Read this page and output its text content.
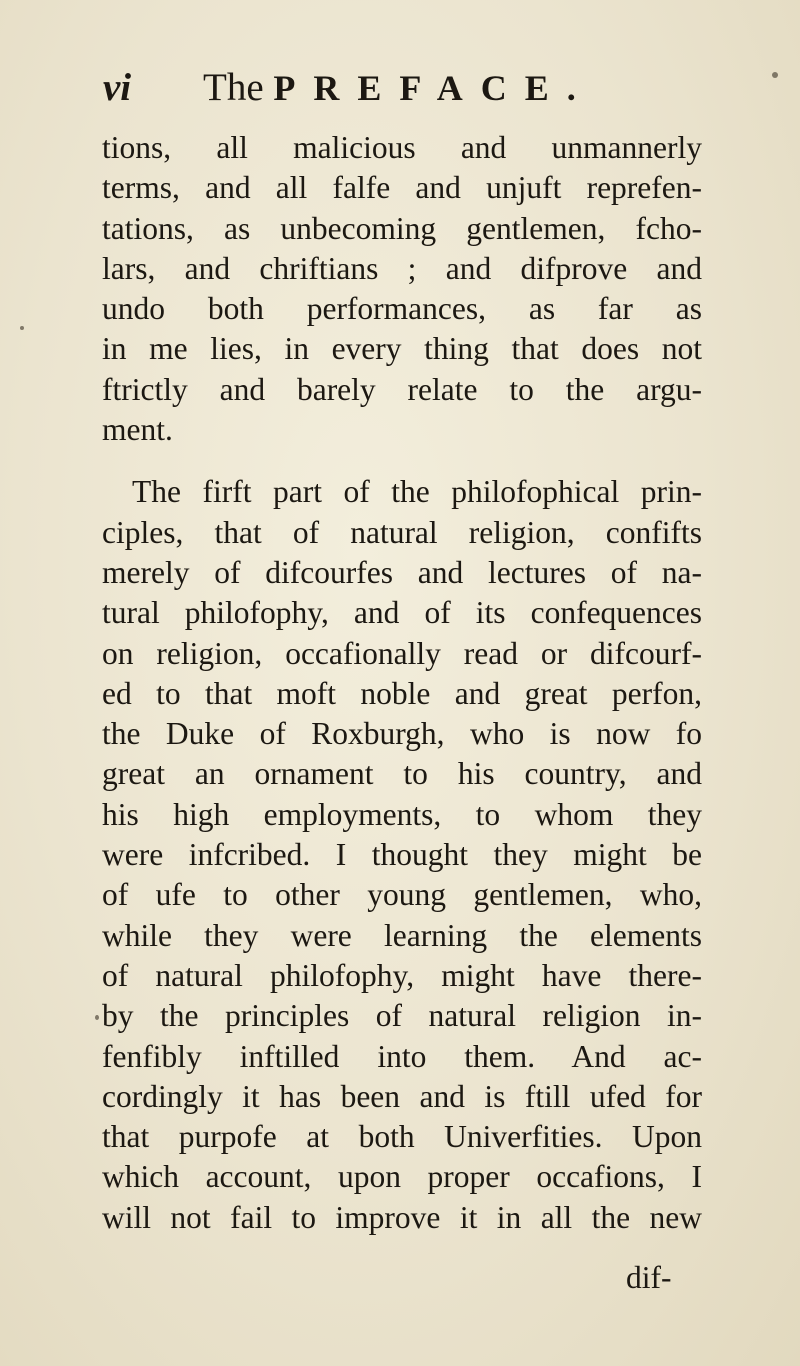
vi The PREFACE.
tions, all malicious and unmannerly
terms, and all falfe and unjuft reprefen-
tations, as unbecoming gentlemen, fcho-
lars, and chriftians ; and difprove and
undo both performances, as far as
in me lies, in every thing that does not
ftrictly and barely relate to the argu-
ment.
The firft part of the philofophical prin-
ciples, that of natural religion, confifts
merely of difcourfes and lectures of na-
tural philofophy, and of its confequences
on religion, occafionally read or difcourf-
ed to that moft noble and great perfon,
the Duke of Roxburgh, who is now fo
great an ornament to his country, and
his high employments, to whom they
were infcribed. I thought they might be
of ufe to other young gentlemen, who,
while they were learning the elements
of natural philofophy, might have there-
by the principles of natural religion in-
fenfibly inftilled into them. And ac-
cordingly it has been and is ftill ufed for
that purpofe at both Univerfities. Upon
which account, upon proper occafions, I
will not fail to improve it in all the new
dif-
